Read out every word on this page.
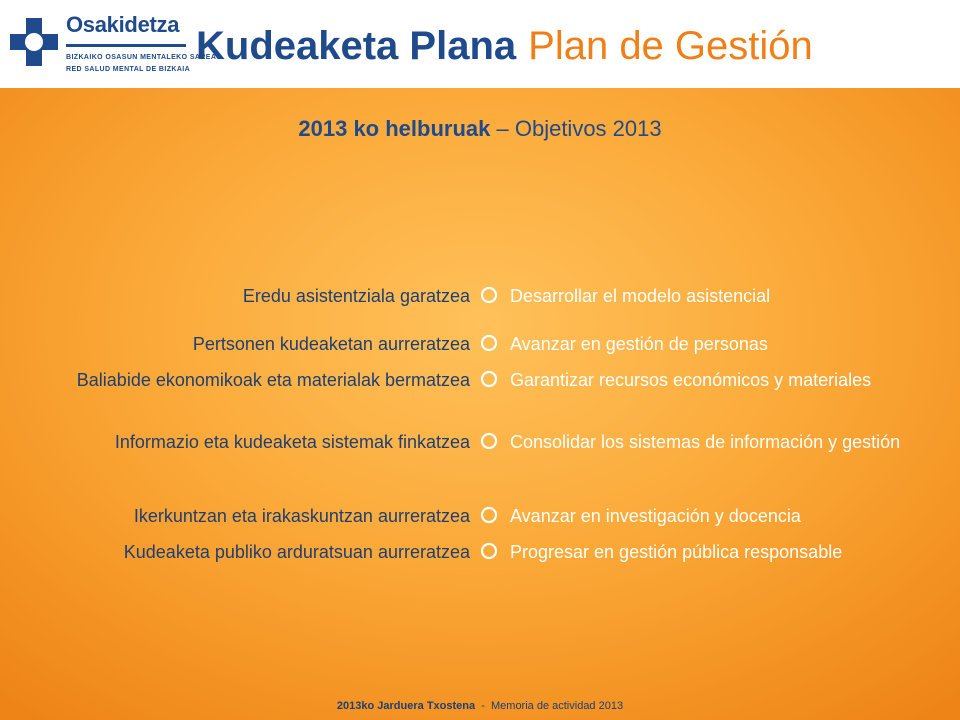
Osakidetza
BIZKAIKO OSASUN MENTALEKO SAREA
RED SALUD MENTAL DE BIZKAIA
Kudeaketa Plana Plan de Gestión
2013 ko helburuak – Objetivos 2013
Eredu asistentziala garatzea
Pertsonen kudeaketan aurreratzea
Baliabide ekonomikoak eta materialak bermatzea
Informazio eta kudeaketa sistemak finkatzea
Ikerkuntzan eta irakaskuntzan aurreratzea
Kudeaketa publiko arduratsuan aurreratzea
Desarrollar el modelo asistencial
Avanzar en gestión de personas
Garantizar recursos económicos y materiales
Consolidar los sistemas de información y gestión
Avanzar en investigación y docencia
Progresar en gestión pública responsable
2013ko Jarduera Txostena  -  Memoria de actividad 2013
